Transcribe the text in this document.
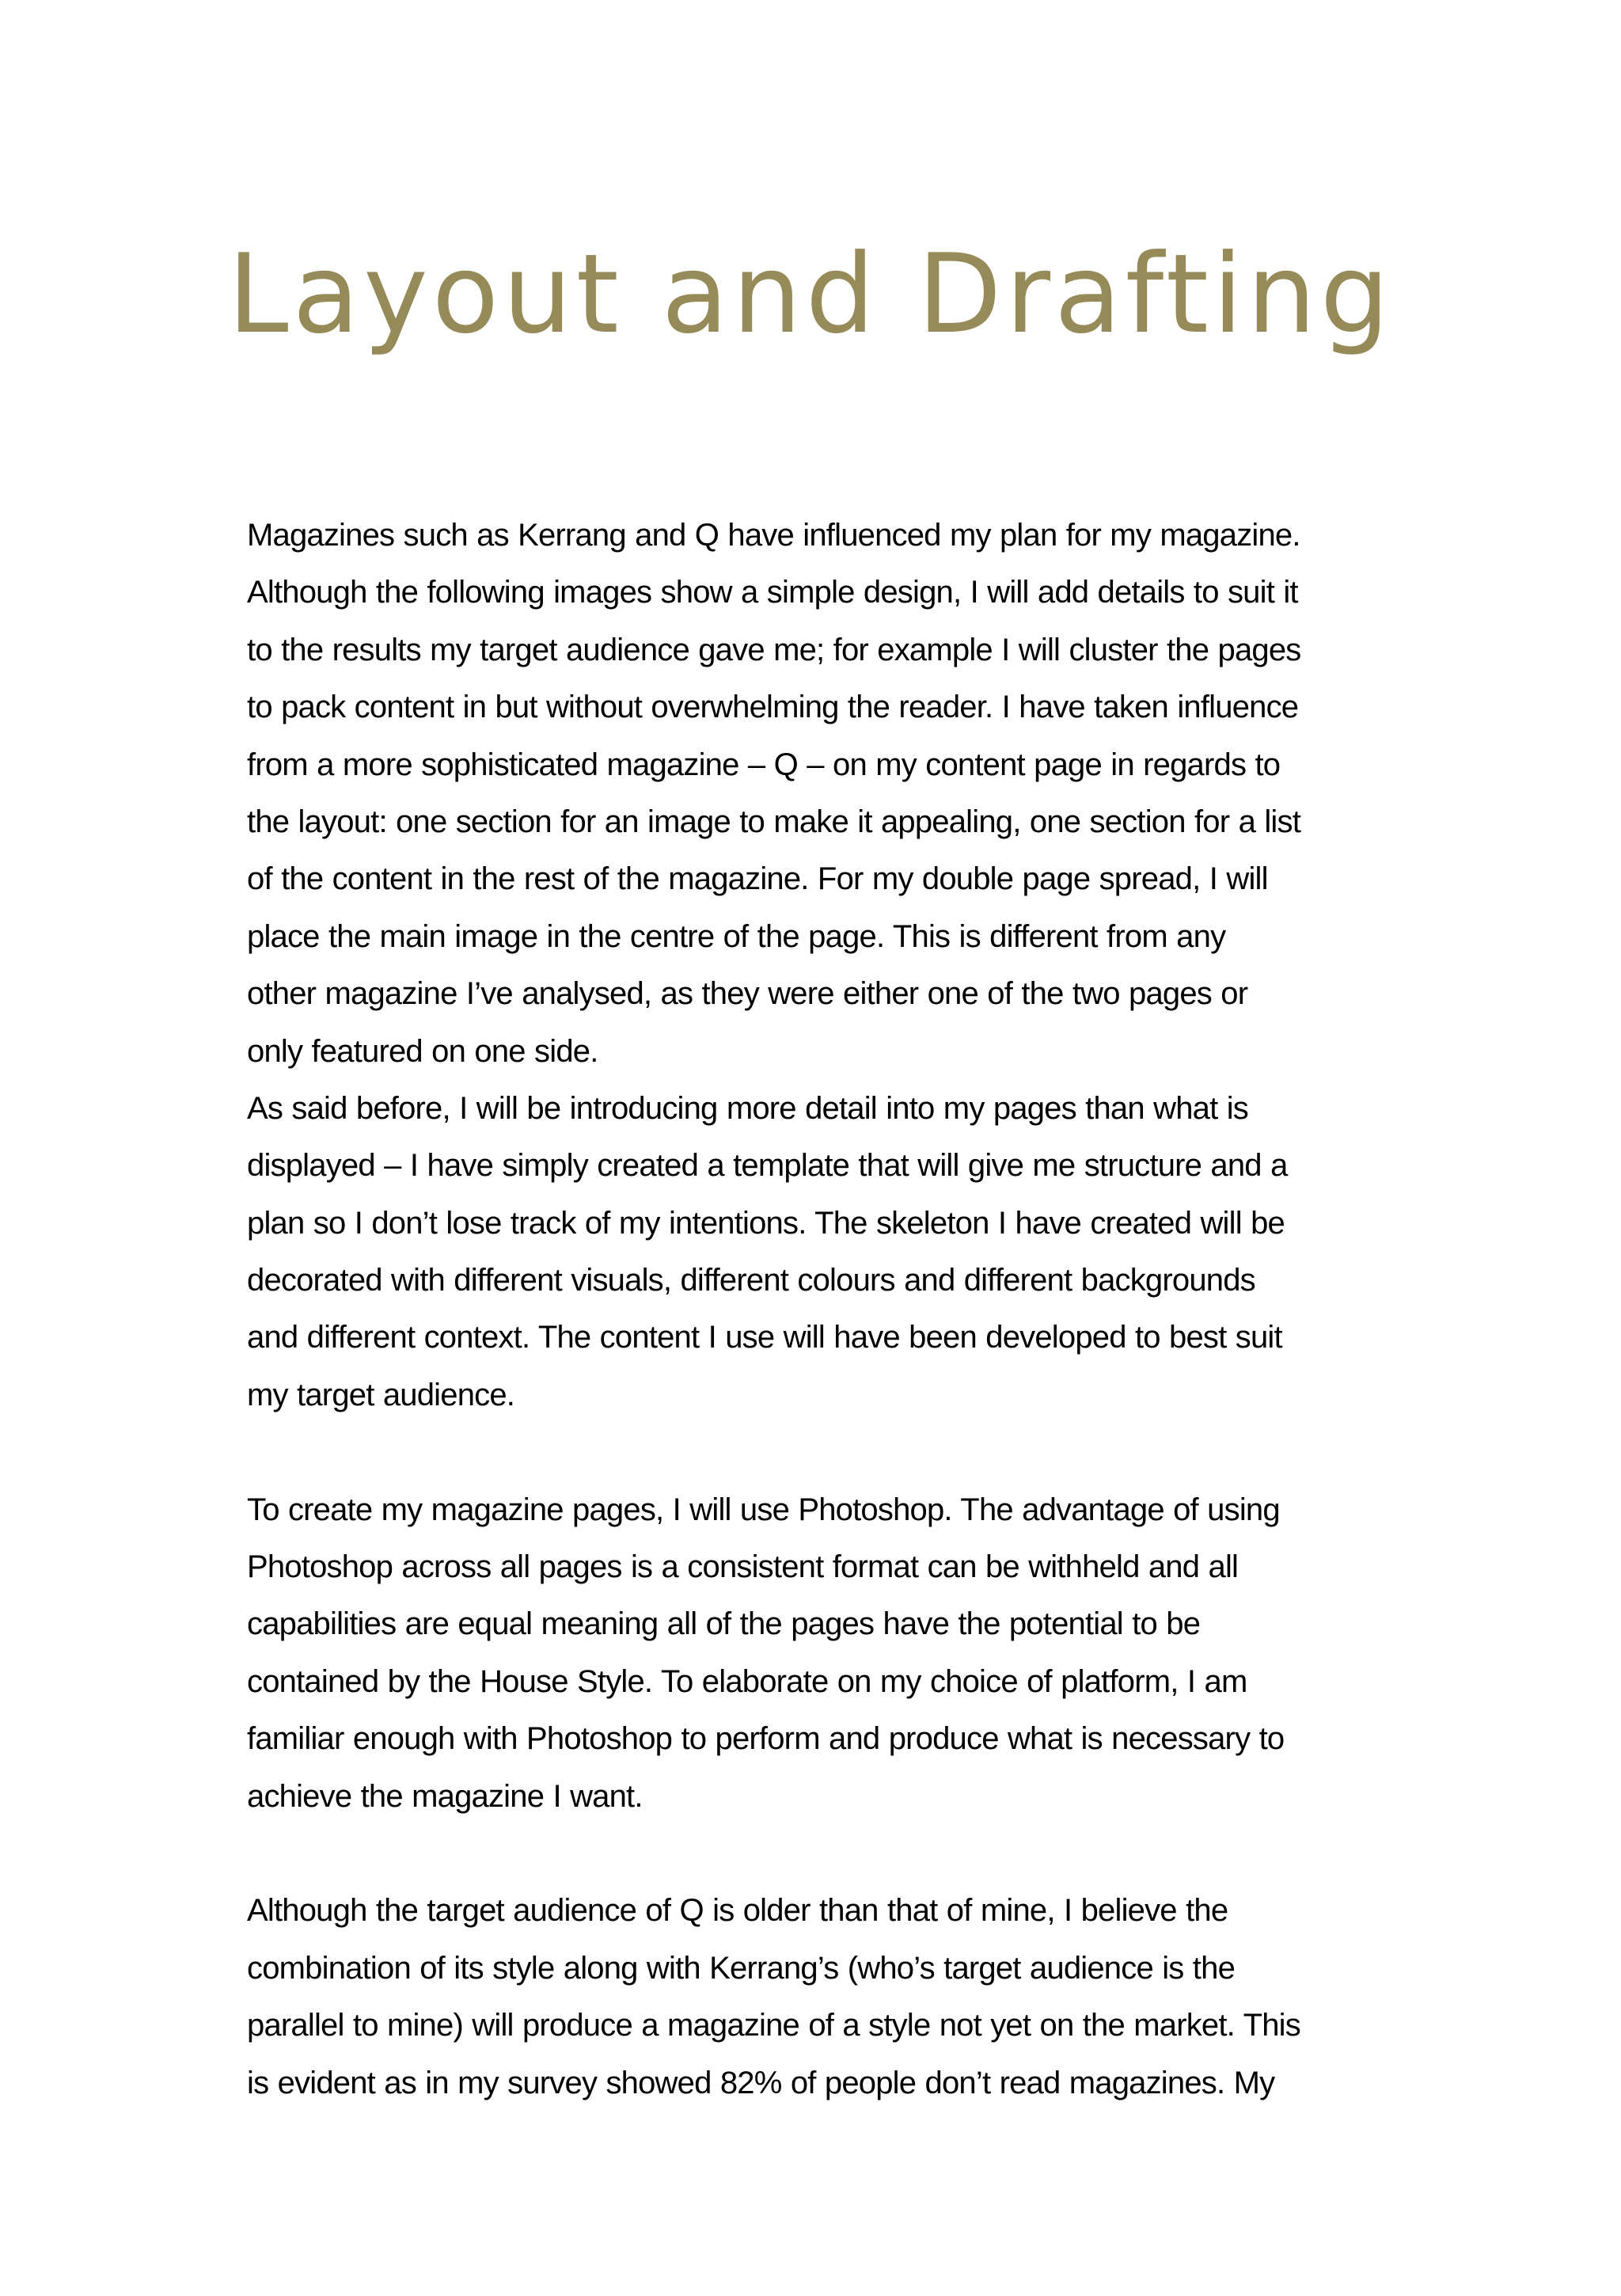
Layout and Drafting
Magazines such as Kerrang and Q have influenced my plan for my magazine.
Although the following images show a simple design, I will add details to suit it
to the results my target audience gave me; for example I will cluster the pages
to pack content in but without overwhelming the reader. I have taken influence
from a more sophisticated magazine – Q – on my content page in regards to
the layout: one section for an image to make it appealing, one section for a list
of the content in the rest of the magazine. For my double page spread, I will
place the main image in the centre of the page. This is different from any
other magazine I’ve analysed, as they were either one of the two pages or
only featured on one side.
As said before, I will be introducing more detail into my pages than what is
displayed – I have simply created a template that will give me structure and a
plan so I don’t lose track of my intentions. The skeleton I have created will be
decorated with different visuals, different colours and different backgrounds
and different context. The content I use will have been developed to best suit
my target audience.
To create my magazine pages, I will use Photoshop. The advantage of using
Photoshop across all pages is a consistent format can be withheld and all
capabilities are equal meaning all of the pages have the potential to be
contained by the House Style. To elaborate on my choice of platform, I am
familiar enough with Photoshop to perform and produce what is necessary to
achieve the magazine I want.
Although the target audience of Q is older than that of mine, I believe the
combination of its style along with Kerrang’s (who’s target audience is the
parallel to mine) will produce a magazine of a style not yet on the market. This
is evident as in my survey showed 82% of people don’t read magazines. My
